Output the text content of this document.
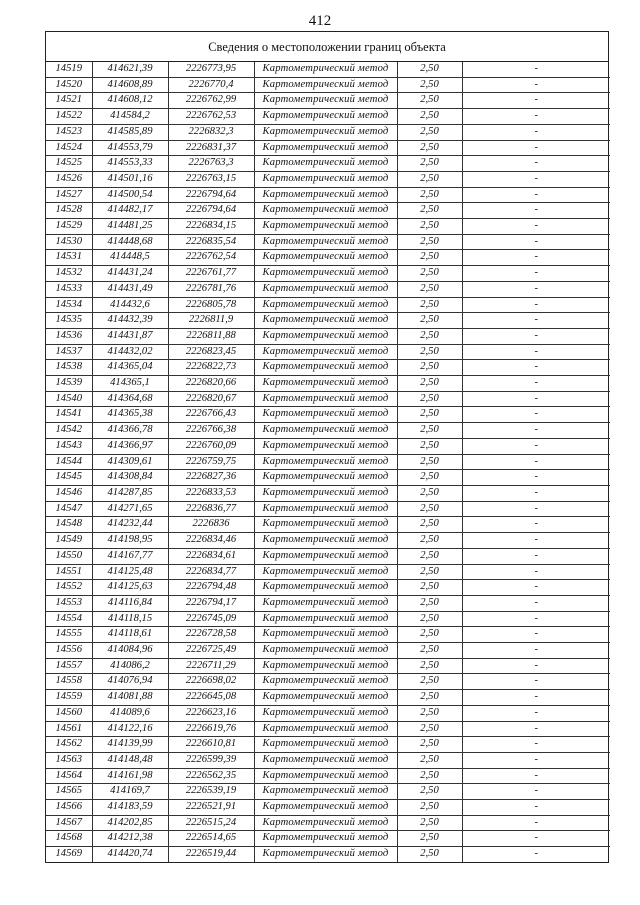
412
Сведения о местоположении границ объекта
14519	414621,39	2226773,95	Картометрический метод	2,50	-
14520	414608,89	2226770,4	Картометрический метод	2,50	-
14521	414608,12	2226762,99	Картометрический метод	2,50	-
14522	414584,2	2226762,53	Картометрический метод	2,50	-
14523	414585,89	2226832,3	Картометрический метод	2,50	-
14524	414553,79	2226831,37	Картометрический метод	2,50	-
14525	414553,33	2226763,3	Картометрический метод	2,50	-
14526	414501,16	2226763,15	Картометрический метод	2,50	-
14527	414500,54	2226794,64	Картометрический метод	2,50	-
14528	414482,17	2226794,64	Картометрический метод	2,50	-
14529	414481,25	2226834,15	Картометрический метод	2,50	-
14530	414448,68	2226835,54	Картометрический метод	2,50	-
14531	414448,5	2226762,54	Картометрический метод	2,50	-
14532	414431,24	2226761,77	Картометрический метод	2,50	-
14533	414431,49	2226781,76	Картометрический метод	2,50	-
14534	414432,6	2226805,78	Картометрический метод	2,50	-
14535	414432,39	2226811,9	Картометрический метод	2,50	-
14536	414431,87	2226811,88	Картометрический метод	2,50	-
14537	414432,02	2226823,45	Картометрический метод	2,50	-
14538	414365,04	2226822,73	Картометрический метод	2,50	-
14539	414365,1	2226820,66	Картометрический метод	2,50	-
14540	414364,68	2226820,67	Картометрический метод	2,50	-
14541	414365,38	2226766,43	Картометрический метод	2,50	-
14542	414366,78	2226766,38	Картометрический метод	2,50	-
14543	414366,97	2226760,09	Картометрический метод	2,50	-
14544	414309,61	2226759,75	Картометрический метод	2,50	-
14545	414308,84	2226827,36	Картометрический метод	2,50	-
14546	414287,85	2226833,53	Картометрический метод	2,50	-
14547	414271,65	2226836,77	Картометрический метод	2,50	-
14548	414232,44	2226836	Картометрический метод	2,50	-
14549	414198,95	2226834,46	Картометрический метод	2,50	-
14550	414167,77	2226834,61	Картометрический метод	2,50	-
14551	414125,48	2226834,77	Картометрический метод	2,50	-
14552	414125,63	2226794,48	Картометрический метод	2,50	-
14553	414116,84	2226794,17	Картометрический метод	2,50	-
14554	414118,15	2226745,09	Картометрический метод	2,50	-
14555	414118,61	2226728,58	Картометрический метод	2,50	-
14556	414084,96	2226725,49	Картометрический метод	2,50	-
14557	414086,2	2226711,29	Картометрический метод	2,50	-
14558	414076,94	2226698,02	Картометрический метод	2,50	-
14559	414081,88	2226645,08	Картометрический метод	2,50	-
14560	414089,6	2226623,16	Картометрический метод	2,50	-
14561	414122,16	2226619,76	Картометрический метод	2,50	-
14562	414139,99	2226610,81	Картометрический метод	2,50	-
14563	414148,48	2226599,39	Картометрический метод	2,50	-
14564	414161,98	2226562,35	Картометрический метод	2,50	-
14565	414169,7	2226539,19	Картометрический метод	2,50	-
14566	414183,59	2226521,91	Картометрический метод	2,50	-
14567	414202,85	2226515,24	Картометрический метод	2,50	-
14568	414212,38	2226514,65	Картометрический метод	2,50	-
14569	414420,74	2226519,44	Картометрический метод	2,50	-
